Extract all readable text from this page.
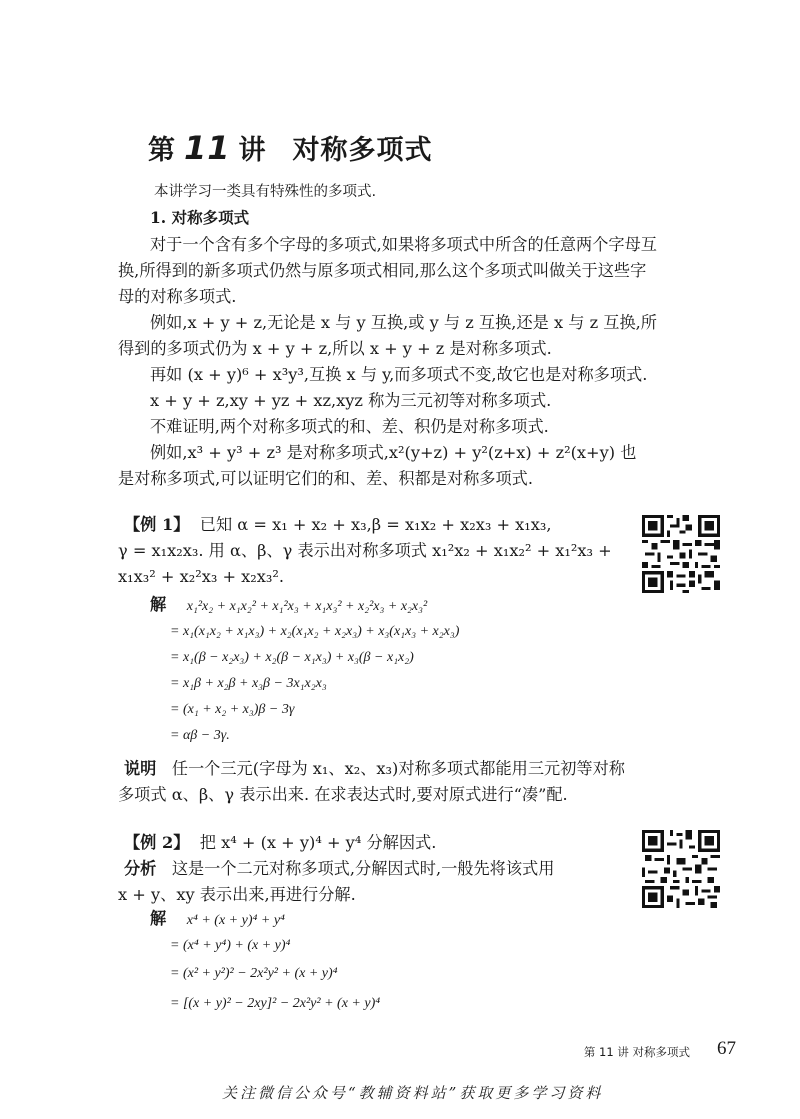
第 11 讲 对称多项式
本讲学习一类具有特殊性的多项式.
1. 对称多项式
对于一个含有多个字母的多项式,如果将多项式中所含的任意两个字母互
换,所得到的新多项式仍然与原多项式相同,那么这个多项式叫做关于这些字
母的对称多项式.
例如,x + y + z,无论是 x 与 y 互换,或 y 与 z 互换,还是 x 与 z 互换,所
得到的多项式仍为 x + y + z,所以 x + y + z 是对称多项式.
再如 (x + y)⁶ + x³y³,互换 x 与 y,而多项式不变,故它也是对称多项式.
x + y + z,xy + yz + xz,xyz 称为三元初等对称多项式.
不难证明,两个对称多项式的和、差、积仍是对称多项式.
例如,x³ + y³ + z³ 是对称多项式,x²(y+z) + y²(z+x) + z²(x+y) 也
是对称多项式,可以证明它们的和、差、积都是对称多项式.
【例 1】 已知 α = x₁ + x₂ + x₃,β = x₁x₂ + x₂x₃ + x₁x₃,
γ = x₁x₂x₃. 用 α、β、γ 表示出对称多项式 x₁²x₂ + x₁x₂² + x₁²x₃ +
x₁x₃² + x₂²x₃ + x₂x₃².
解 x₁²x₂ + x₁x₂² + x₁²x₃ + x₁x₃² + x₂²x₃ + x₂x₃²
= x₁(x₁x₂ + x₁x₃) + x₂(x₁x₂ + x₂x₃) + x₃(x₁x₃ + x₂x₃)
= x₁(β − x₂x₃) + x₂(β − x₁x₃) + x₃(β − x₁x₂)
= x₁β + x₂β + x₃β − 3x₁x₂x₃
= (x₁ + x₂ + x₃)β − 3γ
= αβ − 3γ.
说明 任一个三元(字母为 x₁、x₂、x₃)对称多项式都能用三元初等对称
多项式 α、β、γ 表示出来. 在求表达式时,要对原式进行“凑”配.
【例 2】 把 x⁴ + (x + y)⁴ + y⁴ 分解因式.
分析 这是一个二元对称多项式,分解因式时,一般先将该式用
x + y、xy 表示出来,再进行分解.
解 x⁴ + (x + y)⁴ + y⁴
= (x⁴ + y⁴) + (x + y)⁴
= (x² + y²)² − 2x²y² + (x + y)⁴
= [(x + y)² − 2xy]² − 2x²y² + (x + y)⁴
第 11 讲 对称多项式 67
关注微信公众号“教辅资料站”获取更多学习资料
